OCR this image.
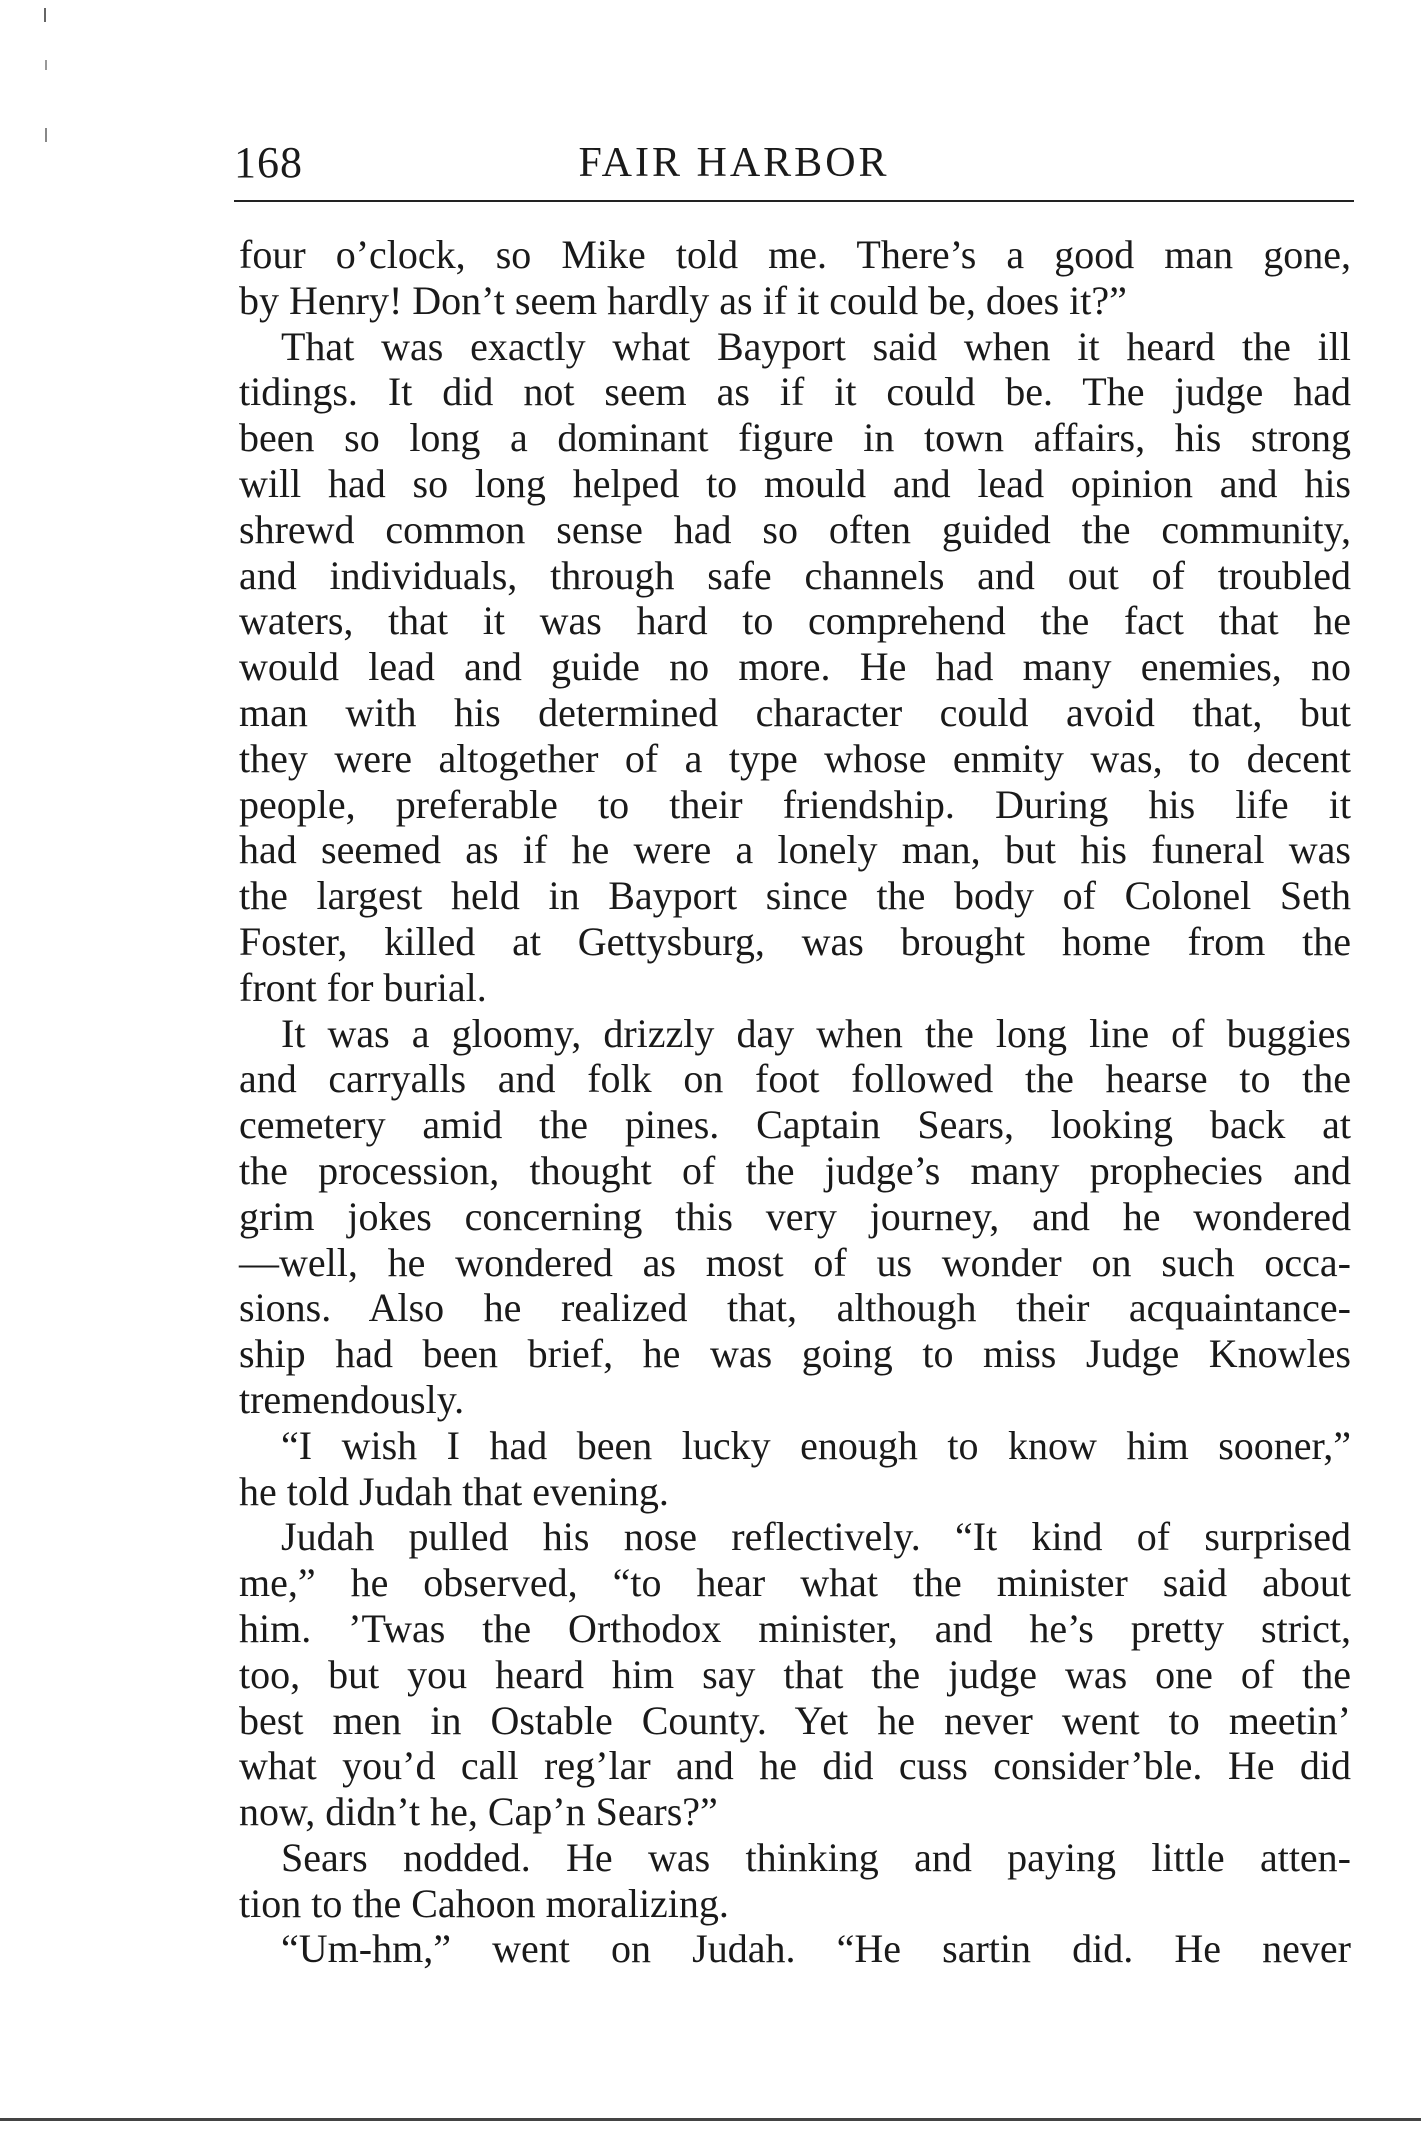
168	FAIR HARBOR
four o’clock, so Mike told me. There’s a good man gone,
by Henry! Don’t seem hardly as if it could be, does it?”
That was exactly what Bayport said when it heard the ill
tidings. It did not seem as if it could be. The judge had
been so long a dominant figure in town affairs, his strong
will had so long helped to mould and lead opinion and his
shrewd common sense had so often guided the community,
and individuals, through safe channels and out of troubled
waters, that it was hard to comprehend the fact that he
would lead and guide no more. He had many enemies, no
man with his determined character could avoid that, but
they were altogether of a type whose enmity was, to decent
people, preferable to their friendship. During his life it
had seemed as if he were a lonely man, but his funeral was
the largest held in Bayport since the body of Colonel Seth
Foster, killed at Gettysburg, was brought home from the
front for burial.
It was a gloomy, drizzly day when the long line of buggies
and carryalls and folk on foot followed the hearse to the
cemetery amid the pines. Captain Sears, looking back at
the procession, thought of the judge’s many prophecies and
grim jokes concerning this very journey, and he wondered
—well, he wondered as most of us wonder on such occa-
sions. Also he realized that, although their acquaintance-
ship had been brief, he was going to miss Judge Knowles
tremendously.
“I wish I had been lucky enough to know him sooner,”
he told Judah that evening.
Judah pulled his nose reflectively. “It kind of surprised
me,” he observed, “to hear what the minister said about
him. ’Twas the Orthodox minister, and he’s pretty strict,
too, but you heard him say that the judge was one of the
best men in Ostable County. Yet he never went to meetin’
what you’d call reg’lar and he did cuss consider’ble. He did
now, didn’t he, Cap’n Sears?”
Sears nodded. He was thinking and paying little atten-
tion to the Cahoon moralizing.
“Um-hm,” went on Judah. “He sartin did. He never
